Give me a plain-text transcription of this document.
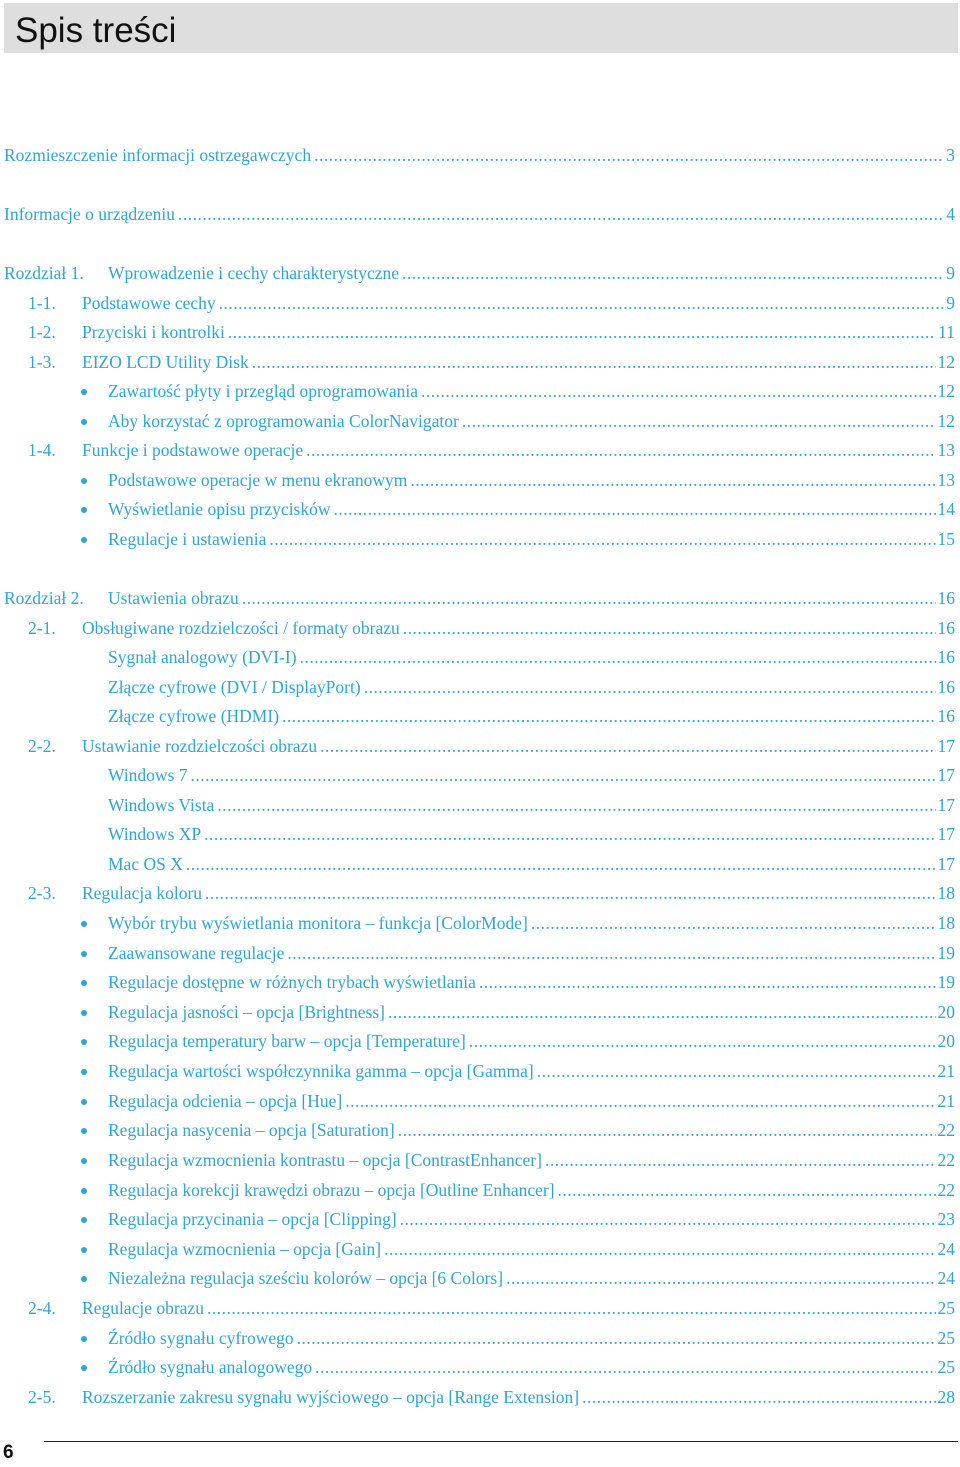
Spis treści
Rozmieszczenie informacji ostrzegawczych .....	3
Informacje o urządzeniu .....	4
Rozdział 1.	Wprowadzenie i cechy charakterystyczne .....	9
1-1.	Podstawowe cechy .....	9
1-2.	Przyciski i kontrolki .....	11
1-3.	EIZO LCD Utility Disk .....	12
Zawartość płyty i przegląd oprogramowania .....	12
Aby korzystać z oprogramowania ColorNavigator .....	12
1-4.	Funkcje i podstawowe operacje .....	13
Podstawowe operacje w menu ekranowym .....	13
Wyświetlanie opisu przycisków .....	14
Regulacje i ustawienia .....	15
Rozdział 2.	Ustawienia obrazu .....	16
2-1.	Obsługiwane rozdzielczości / formaty obrazu .....	16
Sygnał analogowy (DVI-I) .....	16
Złącze cyfrowe (DVI / DisplayPort) .....	16
Złącze cyfrowe (HDMI) .....	16
2-2.	Ustawianie rozdzielczości obrazu .....	17
Windows 7 .....	17
Windows Vista .....	17
Windows XP .....	17
Mac OS X .....	17
2-3.	Regulacja koloru .....	18
Wybór trybu wyświetlania monitora – funkcja [ColorMode] .....	18
Zaawansowane regulacje .....	19
Regulacje dostępne w różnych trybach wyświetlania .....	19
Regulacja jasności – opcja [Brightness] .....	20
Regulacja temperatury barw – opcja [Temperature] .....	20
Regulacja wartości współczynnika gamma – opcja [Gamma] .....	21
Regulacja odcienia – opcja [Hue] .....	21
Regulacja nasycenia – opcja [Saturation] .....	22
Regulacja wzmocnienia kontrastu – opcja [ContrastEnhancer] .....	22
Regulacja korekcji krawędzi obrazu – opcja [Outline Enhancer] .....	22
Regulacja przycinania – opcja [Clipping] .....	23
Regulacja wzmocnienia – opcja [Gain] .....	24
Niezależna regulacja sześciu kolorów – opcja [6 Colors] .....	24
2-4.	Regulacje obrazu .....	25
Źródło sygnału cyfrowego .....	25
Źródło sygnału analogowego .....	25
2-5.	Rozszerzanie zakresu sygnału wyjściowego – opcja [Range Extension] .....	28
6
